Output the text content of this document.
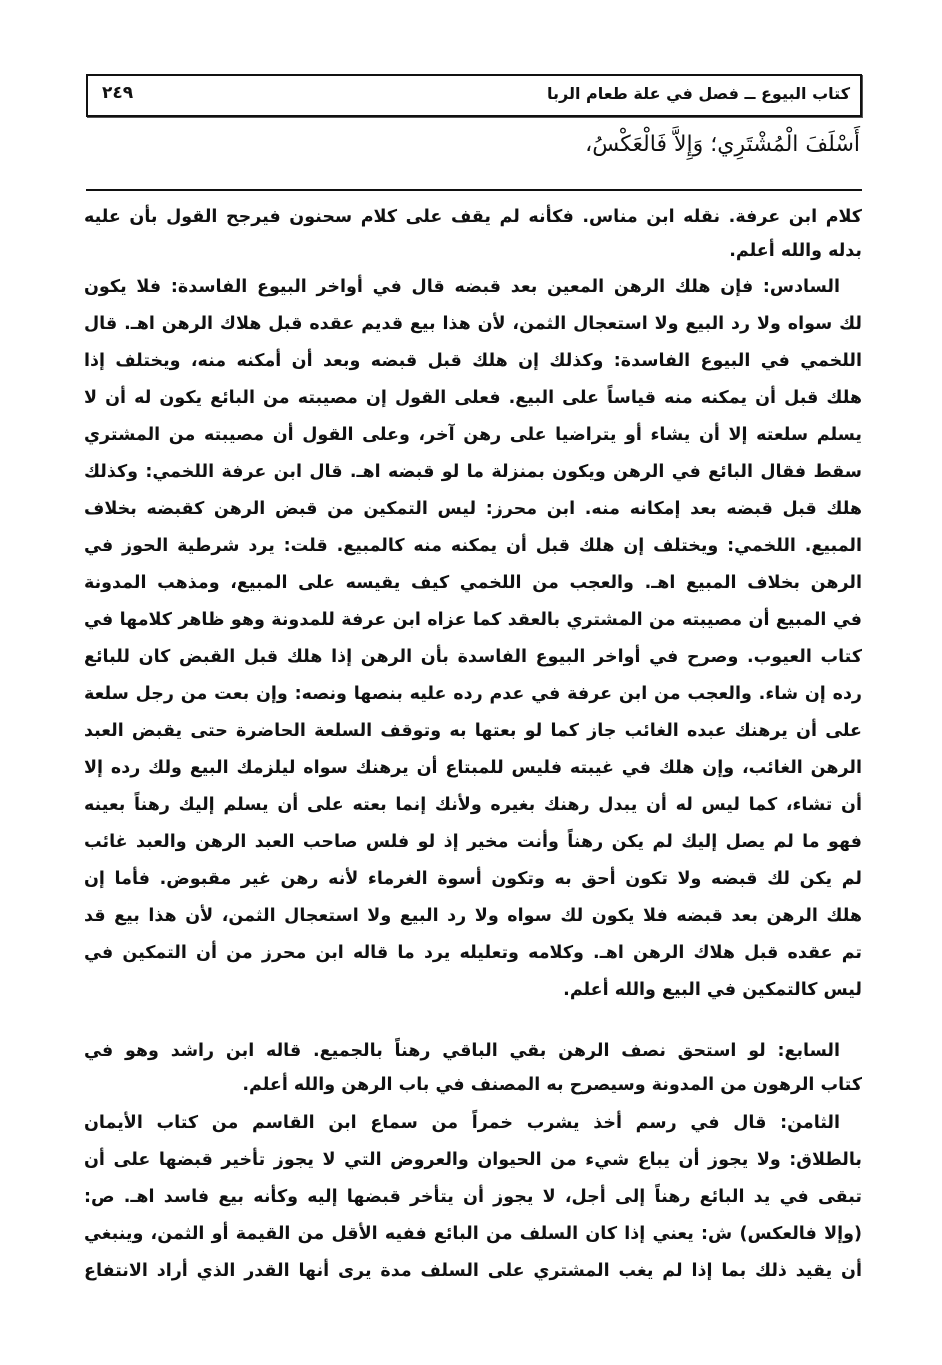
كتاب البيوع ــ فصل في علة طعام الربا
٢٤٩
أَسْلَفَ الْمُشْتَرِي؛ وَإِلاَّ فَالْعَكْسُ،
كلام ابن عرفة. نقله ابن مناس. فكأنه لم يقف على كلام سحنون فيرجح القول بأن عليه
بدله والله أعلم.
السادس: فإن هلك الرهن المعين بعد قبضه قال في أواخر البيوع الفاسدة: فلا يكون
لك سواه ولا رد البيع ولا استعجال الثمن، لأن هذا بيع قديم عقده قبل هلاك الرهن اهـ. قال
اللخمي في البيوع الفاسدة: وكذلك إن هلك قبل قبضه وبعد أن أمكنه منه، ويختلف إذا
هلك قبل أن يمكنه منه قياساً على البيع. فعلى القول إن مصيبته من البائع يكون له أن لا
يسلم سلعته إلا أن يشاء أو يتراضيا على رهن آخر، وعلى القول أن مصيبته من المشتري
سقط فقال البائع في الرهن ويكون بمنزلة ما لو قبضه اهـ. قال ابن عرفة اللخمي: وكذلك
هلك قبل قبضه بعد إمكانه منه. ابن محرز: ليس التمكين من قبض الرهن كقبضه بخلاف
المبيع. اللخمي: ويختلف إن هلك قبل أن يمكنه منه كالمبيع. قلت: يرد شرطية الحوز في
الرهن بخلاف المبيع اهـ. والعجب من اللخمي كيف يقيسه على المبيع، ومذهب المدونة
في المبيع أن مصيبته من المشتري بالعقد كما عزاه ابن عرفة للمدونة وهو ظاهر كلامها في
كتاب العيوب. وصرح في أواخر البيوع الفاسدة بأن الرهن إذا هلك قبل القبض كان للبائع
رده إن شاء. والعجب من ابن عرفة في عدم رده عليه بنصها ونصه: وإن بعت من رجل سلعة
على أن يرهنك عبده الغائب جاز كما لو بعتها به وتوقف السلعة الحاضرة حتى يقبض العبد
الرهن الغائب، وإن هلك في غيبته فليس للمبتاع أن يرهنك سواه ليلزمك البيع ولك رده إلا
أن تشاء، كما ليس له أن يبدل رهنك بغيره ولأنك إنما بعته على أن يسلم إليك رهناً بعينه
فهو ما لم يصل إليك لم يكن رهناً وأنت مخير إذ لو فلس صاحب العبد الرهن والعبد غائب
لم يكن لك قبضه ولا تكون أحق به وتكون أسوة الغرماء لأنه رهن غير مقبوض. فأما إن
هلك الرهن بعد قبضه فلا يكون لك سواه ولا رد البيع ولا استعجال الثمن، لأن هذا بيع قد
تم عقده قبل هلاك الرهن اهـ. وكلامه وتعليله يرد ما قاله ابن محرز من أن التمكين في
ليس كالتمكين في البيع والله أعلم.
السابع: لو استحق نصف الرهن بقي الباقي رهناً بالجميع. قاله ابن راشد وهو في
كتاب الرهون من المدونة وسيصرح به المصنف في باب الرهن والله أعلم.
الثامن: قال في رسم أخذ يشرب خمراً من سماع ابن القاسم من كتاب الأيمان
بالطلاق: ولا يجوز أن يباع شيء من الحيوان والعروض التي لا يجوز تأخير قبضها على أن
تبقى في يد البائع رهناً إلى أجل، لا يجوز أن يتأخر قبضها إليه وكأنه بيع فاسد اهـ. ص:
(وإلا فالعكس) ش: يعني إذا كان السلف من البائع ففيه الأقل من القيمة أو الثمن، وينبغي
أن يقيد ذلك بما إذا لم يغب المشتري على السلف مدة يرى أنها القدر الذي أراد الانتفاع
